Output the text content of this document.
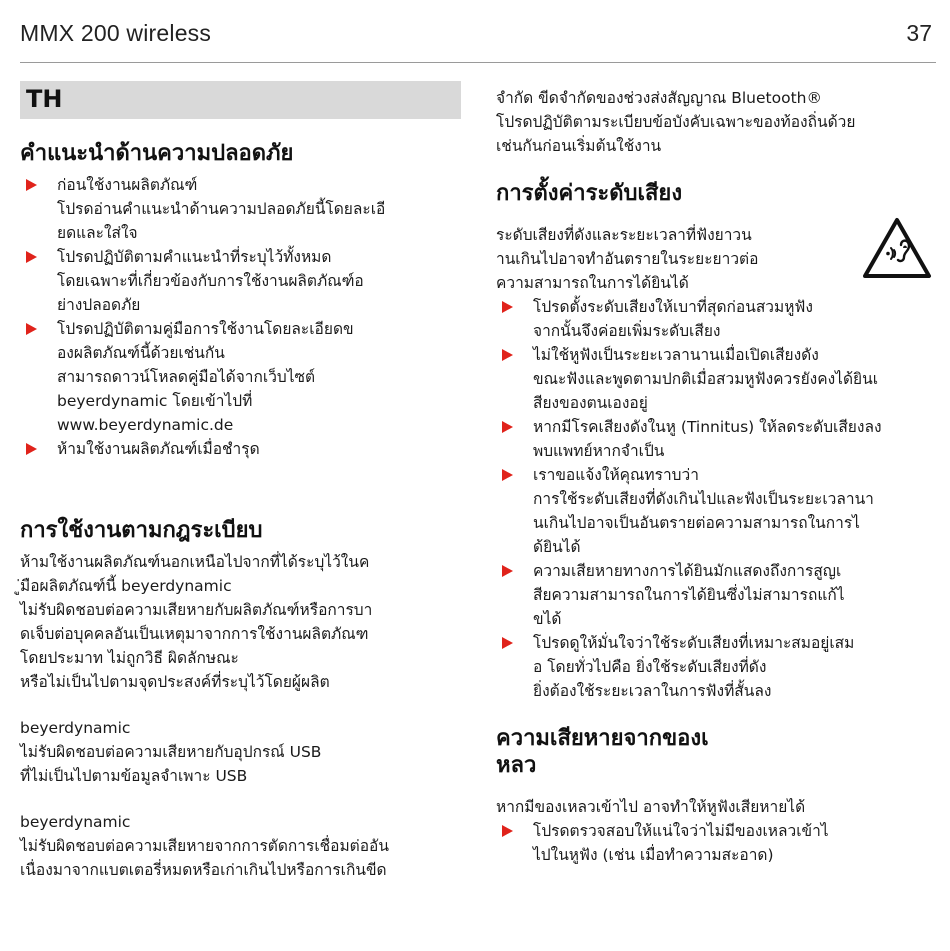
MMX 200 wireless	37
TH
คำแนะนำด้านความปลอดภัย
ก่อนใช้งานผลิตภัณฑ์
โปรดอ่านคำแนะนำด้านความปลอดภัยนี้โดยละเอี
ยดและใส่ใจ
โปรดปฏิบัติตามคำแนะนำที่ระบุไว้ทั้งหมด
โดยเฉพาะที่เกี่ยวข้องกับการใช้งานผลิตภัณฑ์อ
ย่างปลอดภัย
โปรดปฏิบัติตามคู่มือการใช้งานโดยละเอียดข
องผลิตภัณฑ์นี้ด้วยเช่นกัน
สามารถดาวน์โหลดคู่มือได้จากเว็บไซต์
beyerdynamic โดยเข้าไปที่
www.beyerdynamic.de
ห้ามใช้งานผลิตภัณฑ์เมื่อชำรุด
การใช้งานตามกฎระเบียบ

ห้ามใช้งานผลิตภัณฑ์นอกเหนือไปจากที่ได้ระบุไว้ในค
ู่มือผลิตภัณฑ์นี้ beyerdynamic
ไม่รับผิดชอบต่อความเสียหายกับผลิตภัณฑ์หรือการบา
ดเจ็บต่อบุคคลอันเป็นเหตุมาจากการใช้งานผลิตภัณฑ
โดยประมาท ไม่ถูกวิธี ผิดลักษณะ
หรือไม่เป็นไปตามจุดประสงค์ที่ระบุไว้โดยผู้ผลิต

beyerdynamic

ไม่รับผิดชอบต่อความเสียหายกับอุปกรณ์ USB
ที่ไม่เป็นไปตามข้อมูลจำเพาะ USB

beyerdynamic

ไม่รับผิดชอบต่อความเสียหายจากการตัดการเชื่อมต่ออัน
เนื่องมาจากแบตเตอรี่หมดหรือเก่าเกินไปหรือการเกินขีด

จำกัด ขีดจำกัดของช่วงส่งสัญญาณ Bluetooth®
โปรดปฏิบัติตามระเบียบข้อบังคับเฉพาะของท้องถิ่นด้วย
เช่นกันก่อนเริ่มต้นใช้งาน

การตั้งค่าระดับเสียง

ระดับเสียงที่ดังและระยะเวลาที่ฟังยาวน
านเกินไปอาจทำอันตรายในระยะยาวต่อ
ความสามารถในการได้ยินได้

โปรดตั้งระดับเสียงให้เบาที่สุดก่อนสวมหูฟัง
จากนั้นจึงค่อยเพิ่มระดับเสียง
ไม่ใช้หูฟังเป็นระยะเวลานานเมื่อเปิดเสียงดัง
ขณะฟังและพูดตามปกติเมื่อสวมหูฟังควรยังคงได้ยินเ
สียงของตนเองอยู่
หากมีโรคเสียงดังในหู (Tinnitus) ให้ลดระดับเสียงลง
พบแพทย์หากจำเป็น
เราขอแจ้งให้คุณทราบว่า
การใช้ระดับเสียงที่ดังเกินไปและฟังเป็นระยะเวลานา
นเกินไปอาจเป็นอันตรายต่อความสามารถในการไ
ด้ยินได้
ความเสียหายทางการได้ยินมักแสดงถึงการสูญเ
สียความสามารถในการได้ยินซึ่งไม่สามารถแก้ไ
ขได้
โปรดดูให้มั่นใจว่าใช้ระดับเสียงที่เหมาะสมอยู่เสม
อ โดยทั่วไปคือ ยิ่งใช้ระดับเสียงที่ดัง
ยิ่งต้องใช้ระยะเวลาในการฟังที่สั้นลง
ความเสียหายจากของเ
หลว

หากมีของเหลวเข้าไป อาจทำให้หูฟังเสียหายได้

โปรดตรวจสอบให้แน่ใจว่าไม่มีของเหลวเข้าไ
ไปในหูฟัง (เช่น เมื่อทำความสะอาด)
